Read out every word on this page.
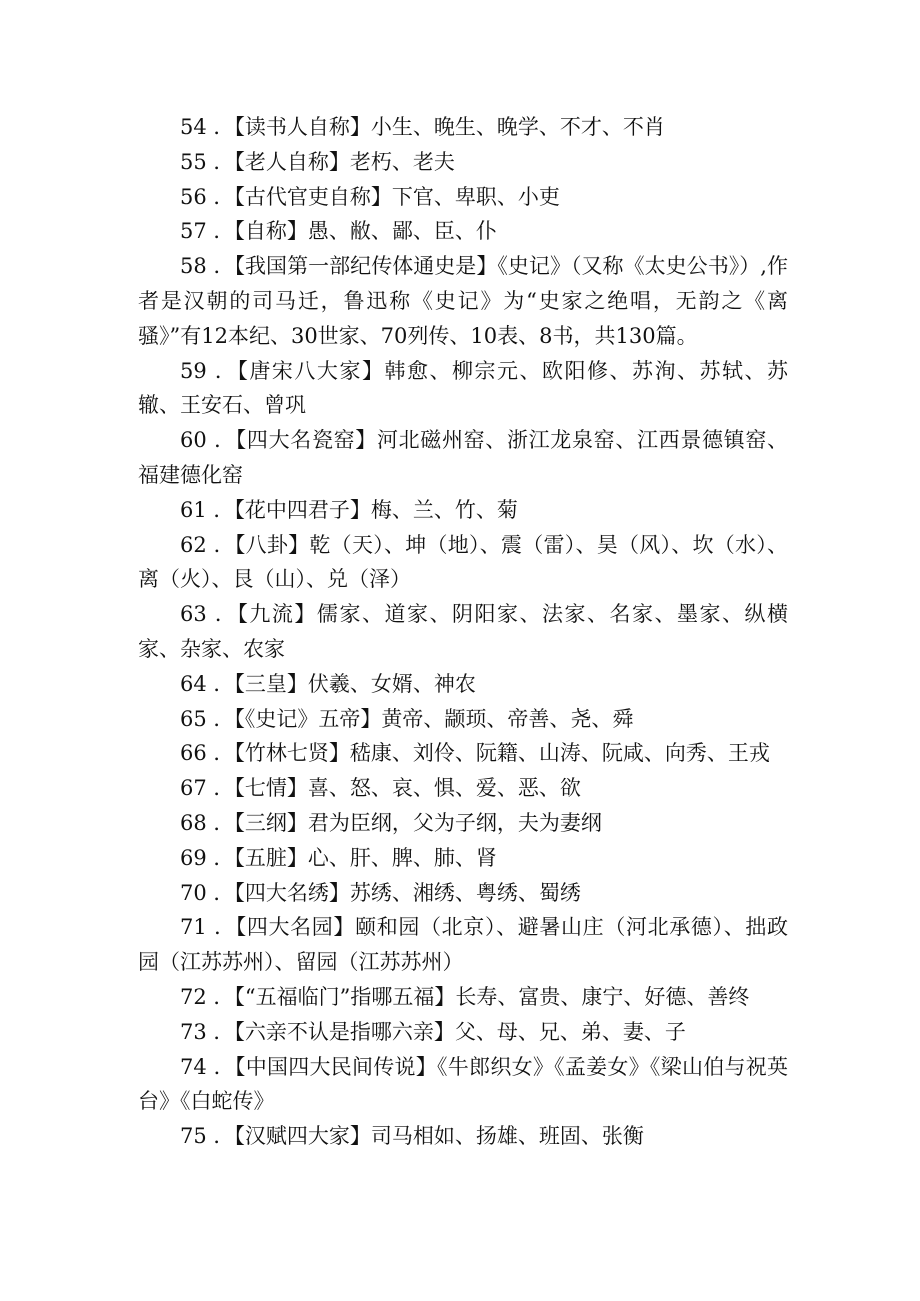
54 ．【读书人自称】小生、晚生、晚学、不才、不肖

55 ．【老人自称】老朽、老夫

56 ．【古代官吏自称】下官、卑职、小吏

57 ．【自称】愚、敝、鄙、臣、仆

58 ．【我国第一部纪传体通史是】《史记》（又称《太史公书》）,作者是汉朝的司马迁，鲁迅称《史记》为“史家之绝唱，无韵之《离骚》”有12本纪、30世家、70列传、10表、8书，共130篇。

59 ．【唐宋八大家】韩愈、柳宗元、欧阳修、苏洵、苏轼、苏辙、王安石、曾巩

60 ．【四大名瓷窑】河北磁州窑、浙江龙泉窑、江西景德镇窑、福建德化窑

61 ．【花中四君子】梅、兰、竹、菊

62 ．【八卦】乾（天）、坤（地）、震（雷）、昊（风）、坎（水）、离（火）、艮（山）、兑（泽）

63 ．【九流】儒家、道家、阴阳家、法家、名家、墨家、纵横家、杂家、农家

64 ．【三皇】伏羲、女婿、神农

65 ．【《史记》五帝】黄帝、颛顼、帝善、尧、舜

66 ．【竹林七贤】嵇康、刘伶、阮籍、山涛、阮咸、向秀、王戎

67 ．【七情】喜、怒、哀、惧、爱、恶、欲

68 ．【三纲】君为臣纲，父为子纲，夫为妻纲

69 ．【五脏】心、肝、脾、肺、肾

70 ．【四大名绣】苏绣、湘绣、粤绣、蜀绣

71 ．【四大名园】颐和园（北京）、避暑山庄（河北承德）、拙政园（江苏苏州）、留园（江苏苏州）

72 ．【“五福临门”指哪五福】长寿、富贵、康宁、好德、善终

73 ．【六亲不认是指哪六亲】父、母、兄、弟、妻、子

74 ．【中国四大民间传说】《牛郎织女》《孟姜女》《梁山伯与祝英台》《白蛇传》

75 ．【汉赋四大家】司马相如、扬雄、班固、张衡
